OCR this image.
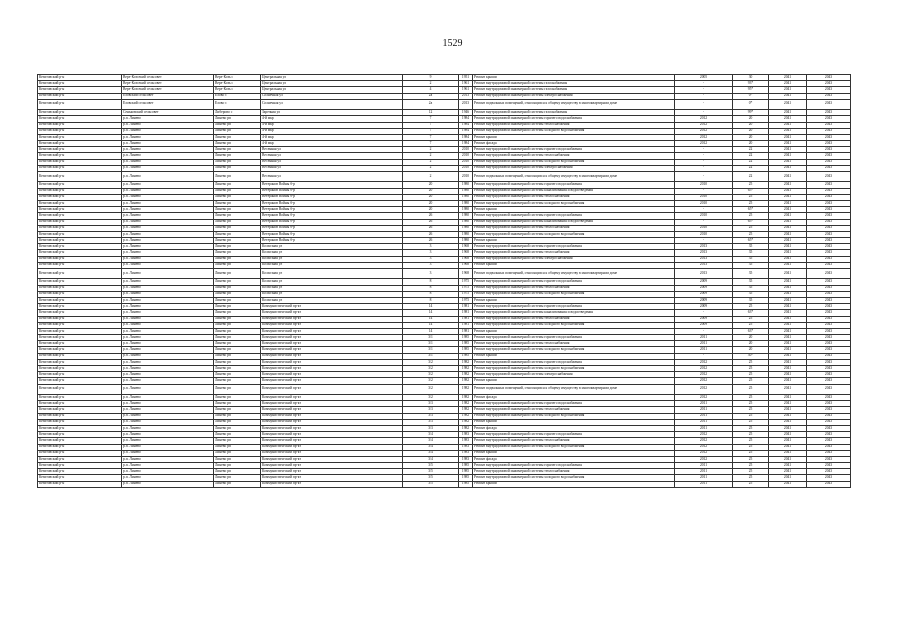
1529
Кезитовский р-н	Вере-Козсекий сельсовет	Вере-Козь с	Центральная ул	9	1951	Ремонт крыши	2005	30	2041	2043
Кезитовский р-н	Вере-Козсекий сельсовет	Вере-Козь с	Центральная ул	2	1961	Ремонт внутридомовой инженерной системы газоснабжения	-	93*	2041	2043
Кезитовский р-н	Вере-Козсекий сельсовет	Вере-Козь с	Центральная ул	4	1961	Ремонт внутридомовой инженерной системы газоснабжения	-	95*	2041	2043
Кезитовский р-н	Еловский сельсовет	Елово с	Солнечная ул	2а	2013	Ремонт внутридомовой инженерной системы электроснабжения	-	0*	2041	2043
Кезитовский р-н	Еловский сельсовет	Елово с	Солнечная ул	2а	2013	Ремонт подвальных помещений, относящихся к общему имуществу в многоквартирном доме	-	0*	2041	2043
Кезитовский р-н	Сеньковский сельсовет	Либерово с	Заречная ул	12	1946	Ремонт внутридомовой инженерной системы газоснабжения	-	99*	2041	2043
Кезитовский р-н	р.п. Линево	Линево рп	4-й мкр	7	1984	Ремонт внутридомовой инженерной системы горячего водоснабжения	2012	20	2041	2043
Кезитовский р-н	р.п. Линево	Линево рп	4-й мкр	7	1984	Ремонт внутридомовой инженерной системы теплоснабжения	2012	20	2041	2043
Кезитовский р-н	р.п. Линево	Линево рп	4-й мкр	7	1984	Ремонт внутридомовой инженерной системы холодного водоснабжения	2012	20	2041	2043
Кезитовский р-н	р.п. Линево	Линево рп	4-й мкр	7	1984	Ремонт крыши	2012	20	2041	2043
Кезитовский р-н	р.п. Линево	Линево рп	4-й мкр	7	1984	Ремонт фасада	2012	20	2041	2043
Кезитовский р-н	р.п. Линево	Линево рп	Весенняя ул	2	2010	Ремонт внутридомовой инженерной системы горячего водоснабжения	-	22	2041	2043
Кезитовский р-н	р.п. Линево	Линево рп	Весенняя ул	2	2010	Ремонт внутридомовой инженерной системы теплоснабжения	-	22	2041	2043
Кезитовский р-н	р.п. Линево	Линево рп	Весенняя ул	2	2010	Ремонт внутридомовой инженерной системы холодного водоснабжения	-	22	2041	2043
Кезитовский р-н	р.п. Линево	Линево рп	Весенняя ул	2	2010	Ремонт внутридомовой инженерной системы электроснабжения	-	22	2041	2043
Кезитовский р-н	р.п. Линево	Линево рп	Весенняя ул	2	2010	Ремонт подвальных помещений, относящихся к общему имуществу в многоквартирном доме	-	22	2041	2043
Кезитовский р-н	р.п. Линево	Линево рп	Ветеранов Войны б-р	20	1980	Ремонт внутридомовой инженерной системы горячего водоснабжения	2010	25	2041	2043
Кезитовский р-н	р.п. Линево	Линево рп	Ветеранов Войны б-р	20	1980	Ремонт внутридомовой инженерной системы канализования и водоотведения	-	65*	2041	2043
Кезитовский р-н	р.п. Линево	Линево рп	Ветеранов Войны б-р	20	1980	Ремонт внутридомовой инженерной системы теплоснабжения	2010	25	2041	2043
Кезитовский р-н	р.п. Линево	Линево рп	Ветеранов Войны б-р	20	1980	Ремонт внутридомовой инженерной системы холодного водоснабжения	2010	25	2041	2043
Кезитовский р-н	р.п. Линево	Линево рп	Ветеранов Войны б-р	20	1980	Ремонт крыши	-	65*	2041	2043
Кезитовский р-н	р.п. Линево	Линево рп	Ветеранов Войны б-р	26	1980	Ремонт внутридомовой инженерной системы горячего водоснабжения	2010	25	2041	2043
Кезитовский р-н	р.п. Линево	Линево рп	Ветеранов Войны б-р	26	1980	Ремонт внутридомовой инженерной системы канализования и водоотведения	-	65*	2041	2043
Кезитовский р-н	р.п. Линево	Линево рп	Ветеранов Войны б-р	26	1980	Ремонт внутридомовой инженерной системы теплоснабжения	2010	25	2041	2043
Кезитовский р-н	р.п. Линево	Линево рп	Ветеранов Войны б-р	26	1980	Ремонт внутридомовой инженерной системы холодного водоснабжения	2010	25	2041	2043
Кезитовский р-н	р.п. Линево	Линево рп	Ветеранов Войны б-р	26	1980	Ремонт крыши	-	65*	2041	2043
Кезитовский р-н	р.п. Линево	Линево рп	Колхозная ул	3	1968	Ремонт внутридомовой инженерной системы горячего водоснабжения	2013	35	2041	2043
Кезитовский р-н	р.п. Линево	Линево рп	Колхозная ул	3	1968	Ремонт внутридомовой инженерной системы теплоснабжения	2013	35	2041	2043
Кезитовский р-н	р.п. Линево	Линево рп	Колхозная ул	3	1968	Ремонт внутридомовой инженерной системы электроснабжения	2013	35	2041	2043
Кезитовский р-н	р.п. Линево	Линево рп	Колхозная ул	3	1968	Ремонт крыши	2013	35	2041	2043
Кезитовский р-н	р.п. Линево	Линево рп	Колхозная ул	3	1968	Ремонт подвальных помещений, относящихся к общему имуществу в многоквартирном доме	2013	35	2041	2043
Кезитовский р-н	р.п. Линево	Линево рп	Колхозная ул	8	1975	Ремонт внутридомовой инженерной системы горячего водоснабжения	2009	35	2041	2043
Кезитовский р-н	р.п. Линево	Линево рп	Колхозная ул	8	1975	Ремонт внутридомовой инженерной системы теплоснабжения	2009	35	2041	2043
Кезитовский р-н	р.п. Линево	Линево рп	Колхозная ул	8	1975	Ремонт внутридомовой инженерной системы холодного водоснабжения	2009	35	2041	2043
Кезитовский р-н	р.п. Линево	Линево рп	Колхозная ул	8	1975	Ремонт крыши	2009	35	2041	2043
Кезитовский р-н	р.п. Линево	Линево рп	Коммунистический пр-кт	14	1981	Ремонт внутридомовой инженерной системы горячего водоснабжения	2009	25	2041	2043
Кезитовский р-н	р.п. Линево	Линево рп	Коммунистический пр-кт	14	1981	Ремонт внутридомовой инженерной системы канализования и водоотведения	-	63*	2041	2043
Кезитовский р-н	р.п. Линево	Линево рп	Коммунистический пр-кт	14	1981	Ремонт внутридомовой инженерной системы теплоснабжения	2009	25	2041	2043
Кезитовский р-н	р.п. Линево	Линево рп	Коммунистический пр-кт	14	1981	Ремонт внутридомовой инженерной системы холодного водоснабжения	2009	25	2041	2043
Кезитовский р-н	р.п. Линево	Линево рп	Коммунистический пр-кт	14	1981	Ремонт крыши	-	63*	2041	2043
Кезитовский р-н	р.п. Линево	Линево рп	Коммунистический пр-кт	3/1	1985	Ремонт внутридомовой инженерной системы горячего водоснабжения	2011	20	2041	2043
Кезитовский р-н	р.п. Линево	Линево рп	Коммунистический пр-кт	3/1	1985	Ремонт внутридомовой инженерной системы теплоснабжения	2011	20	2041	2043
Кезитовский р-н	р.п. Линево	Линево рп	Коммунистический пр-кт	3/1	1985	Ремонт внутридомовой инженерной системы холодного водоснабжения	2011	20	2041	2043
Кезитовский р-н	р.п. Линево	Линево рп	Коммунистический пр-кт	3/1	1985	Ремонт крыши	-	30*	2041	2043
Кезитовский р-н	р.п. Линево	Линево рп	Коммунистический пр-кт	3/2	1982	Ремонт внутридомовой инженерной системы горячего водоснабжения	2012	25	2041	2043
Кезитовский р-н	р.п. Линево	Линево рп	Коммунистический пр-кт	3/2	1982	Ремонт внутридомовой инженерной системы холодного водоснабжения	2012	25	2041	2043
Кезитовский р-н	р.п. Линево	Линево рп	Коммунистический пр-кт	3/2	1982	Ремонт внутридомовой инженерной системы электроснабжения	2012	25	2041	2043
Кезитовский р-н	р.п. Линево	Линево рп	Коммунистический пр-кт	3/2	1982	Ремонт крыши	2012	25	2041	2043
Кезитовский р-н	р.п. Линево	Линево рп	Коммунистический пр-кт	3/2	1982	Ремонт подвальных помещений, относящихся к общему имуществу в многоквартирном доме	2012	25	2041	2043
Кезитовский р-н	р.п. Линево	Линево рп	Коммунистический пр-кт	3/2	1982	Ремонт фасада	2012	25	2041	2043
Кезитовский р-н	р.п. Линево	Линево рп	Коммунистический пр-кт	3/3	1982	Ремонт внутридомовой инженерной системы горячего водоснабжения	2011	25	2041	2043
Кезитовский р-н	р.п. Линево	Линево рп	Коммунистический пр-кт	3/3	1982	Ремонт внутридомовой инженерной системы теплоснабжения	2011	25	2041	2043
Кезитовский р-н	р.п. Линево	Линево рп	Коммунистический пр-кт	3/3	1982	Ремонт внутридомовой инженерной системы холодного водоснабжения	2011	25	2041	2043
Кезитовский р-н	р.п. Линево	Линево рп	Коммунистический пр-кт	3/3	1982	Ремонт крыши	2011	25	2041	2043
Кезитовский р-н	р.п. Линево	Линево рп	Коммунистический пр-кт	3/3	1982	Ремонт фасада	2011	25	2041	2043
Кезитовский р-н	р.п. Линево	Линево рп	Коммунистический пр-кт	3/4	1983	Ремонт внутридомовой инженерной системы горячего водоснабжения	2012	25	2041	2043
Кезитовский р-н	р.п. Линево	Линево рп	Коммунистический пр-кт	3/4	1983	Ремонт внутридомовой инженерной системы теплоснабжения	2012	25	2041	2043
Кезитовский р-н	р.п. Линево	Линево рп	Коммунистический пр-кт	3/4	1983	Ремонт внутридомовой инженерной системы холодного водоснабжения	2012	25	2041	2043
Кезитовский р-н	р.п. Линево	Линево рп	Коммунистический пр-кт	3/4	1983	Ремонт крыши	2012	25	2041	2043
Кезитовский р-н	р.п. Линево	Линево рп	Коммунистический пр-кт	3/4	1983	Ремонт фасада	2012	25	2041	2043
Кезитовский р-н	р.п. Линево	Линево рп	Коммунистический пр-кт	3/5	1985	Ремонт внутридомовой инженерной системы горячего водоснабжения	2011	25	2041	2043
Кезитовский р-н	р.п. Линево	Линево рп	Коммунистический пр-кт	3/5	1985	Ремонт внутридомовой инженерной системы теплоснабжения	2011	25	2041	2043
Кезитовский р-н	р.п. Линево	Линево рп	Коммунистический пр-кт	3/5	1985	Ремонт внутридомовой инженерной системы холодного водоснабжения	2011	25	2041	2043
Кезитовский р-н	р.п. Линево	Линево рп	Коммунистический пр-кт	3/5	1985	Ремонт крыши	2011	25	2041	2043
